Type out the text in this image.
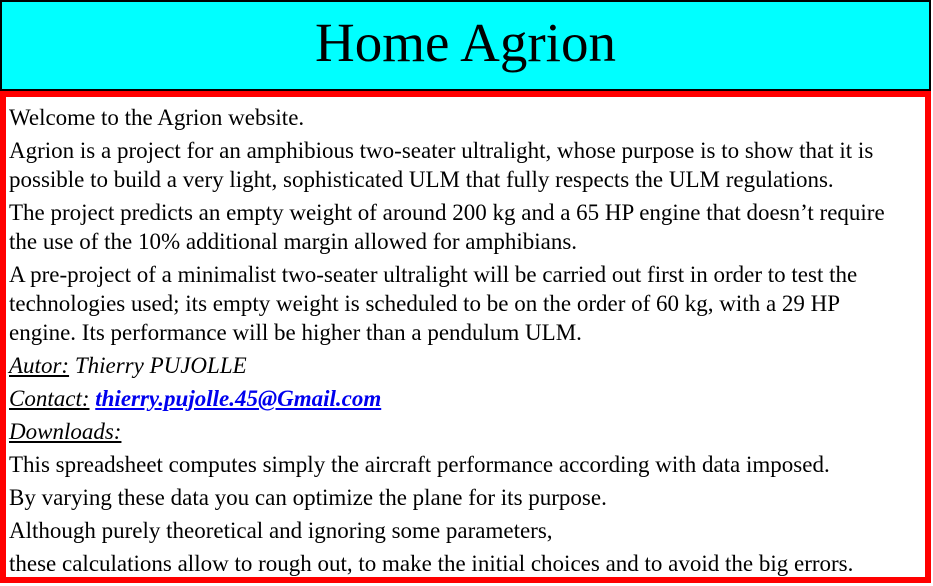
Home Agrion
Welcome to the Agrion website.
Agrion is a project for an amphibious two-seater ultralight, whose purpose is to show that it is
possible to build a very light, sophisticated ULM that fully respects the ULM regulations.
The project predicts an empty weight of around 200 kg and a 65 HP engine that doesn’t require
the use of the 10% additional margin allowed for amphibians.
A pre-project of a minimalist two-seater ultralight will be carried out first in order to test the
technologies used; its empty weight is scheduled to be on the order of 60 kg, with a 29 HP
engine. Its performance will be higher than a pendulum ULM.
Autor: Thierry PUJOLLE
Contact: thierry.pujolle.45@Gmail.com
Downloads:
This spreadsheet computes simply the aircraft performance according with data imposed.
By varying these data you can optimize the plane for its purpose.
Although purely theoretical and ignoring some parameters,
these calculations allow to rough out, to make the initial choices and to avoid the big errors.
